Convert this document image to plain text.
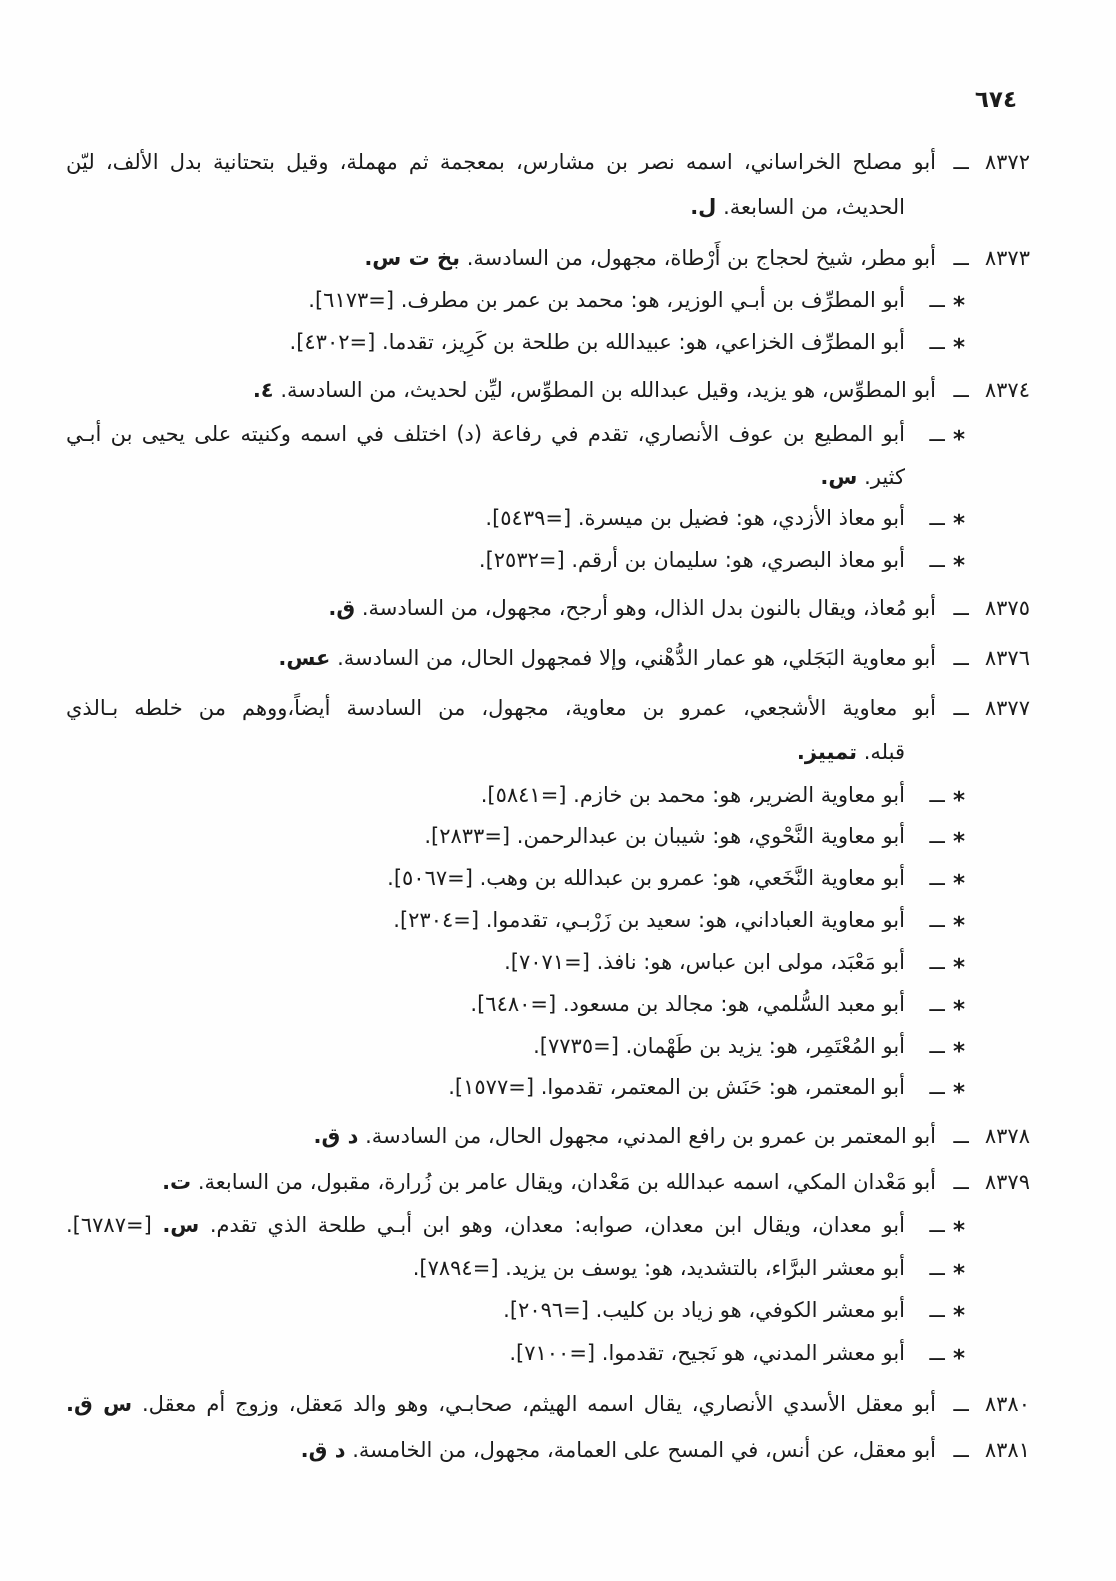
٦٧٤
٨٣٧٢
ـ
أبو مصلح الخراساني، اسمه نصر بن مشارس، بمعجمة ثم مهملة، وقيل بتحتانية بدل الألف، ليّن
الحديث، من السابعة. ل.
٨٣٧٣
ـ
أبو مطر، شيخ لحجاج بن أَرْطاة، مجهول، من السادسة. بخ ت س.
*
ـ
أبو المطرِّف بن أبـي الوزير، هو: محمد بن عمر بن مطرف. [=٦١٧٣].
*
ـ
أبو المطرِّف الخزاعي، هو: عبيدالله بن طلحة بن كَرِيز، تقدما. [=٤٣٠٢].
٨٣٧٤
ـ
أبو المطوِّس، هو يزيد، وقيل عبدالله بن المطوِّس، ليِّن لحديث، من السادسة. ٤.
*
ـ
أبو المطيع بن عوف الأنصاري، تقدم في رفاعة (د) اختلف في اسمه وكنيته على يحيى بن أبـي
كثير. س.
*
ـ
أبو معاذ الأزدي، هو: فضيل بن ميسرة. [=٥٤٣٩].
*
ـ
أبو معاذ البصري، هو: سليمان بن أرقم. [=٢٥٣٢].
٨٣٧٥
ـ
أبو مُعاذ، ويقال بالنون بدل الذال، وهو أرجح، مجهول، من السادسة. ق.
٨٣٧٦
ـ
أبو معاوية البَجَلي، هو عمار الدُّهْني، وإلا فمجهول الحال، من السادسة. عس.
٨٣٧٧
ـ
أبو معاوية الأشجعي، عمرو بن معاوية، مجهول، من السادسة أيضاً،ووهم من خلطه بـالذي
قبله. تمييز.
*
ـ
أبو معاوية الضرير، هو: محمد بن خازم. [=٥٨٤١].
*
ـ
أبو معاوية النَّحْوي، هو: شيبان بن عبدالرحمن. [=٢٨٣٣].
*
ـ
أبو معاوية النَّخَعي، هو: عمرو بن عبدالله بن وهب. [=٥٠٦٧].
*
ـ
أبو معاوية العباداني، هو: سعيد بن زَرْبـي، تقدموا. [=٢٣٠٤].
*
ـ
أبو مَعْبَد، مولى ابن عباس، هو: نافذ. [=٧٠٧١].
*
ـ
أبو معبد السُّلمي، هو: مجالد بن مسعود. [=٦٤٨٠].
*
ـ
أبو المُعْتَمِر، هو: يزيد بن طَهْمان. [=٧٧٣٥].
*
ـ
أبو المعتمر، هو: حَنَش بن المعتمر، تقدموا. [=١٥٧٧].
٨٣٧٨
ـ
أبو المعتمر بن عمرو بن رافع المدني، مجهول الحال، من السادسة. د ق.
٨٣٧٩
ـ
أبو مَعْدان المكي، اسمه عبدالله بن مَعْدان، ويقال عامر بن زُرارة، مقبول، من السابعة. ت.
*
ـ
أبو معدان، ويقال ابن معدان، صوابه: معدان، وهو ابن أبـي طلحة الذي تقدم. س. [=٦٧٨٧].
*
ـ
أبو معشر البرَّاء، بالتشديد، هو: يوسف بن يزيد. [=٧٨٩٤].
*
ـ
أبو معشر الكوفي، هو زياد بن كليب. [=٢٠٩٦].
*
ـ
أبو معشر المدني، هو نَجيح، تقدموا. [=٧١٠٠].
٨٣٨٠
ـ
أبو معقل الأسدي الأنصاري، يقال اسمه الهيثم، صحابـي، وهو والد مَعقل، وزوج أم معقل. س ق.
٨٣٨١
ـ
أبو معقل، عن أنس، في المسح على العمامة، مجهول، من الخامسة. د ق.
